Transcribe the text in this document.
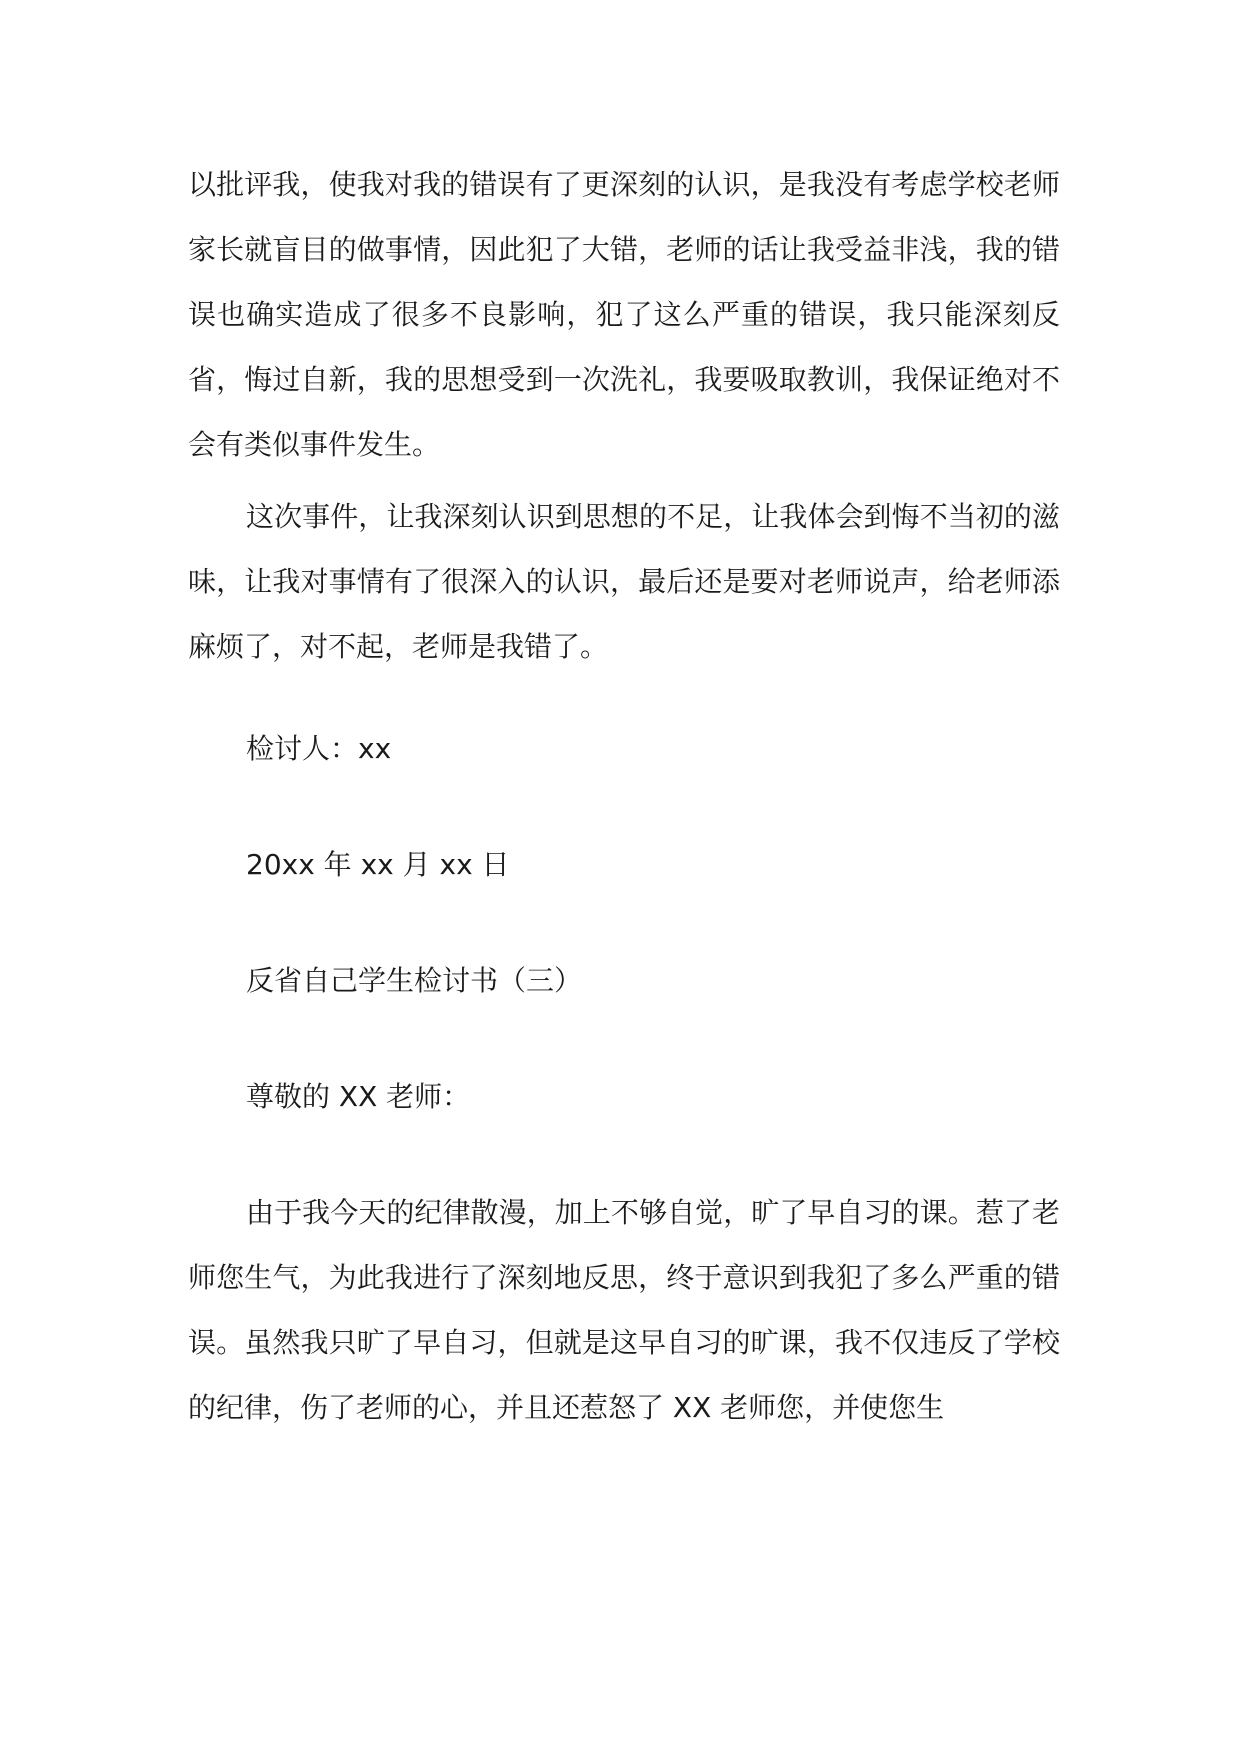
以批评我，使我对我的错误有了更深刻的认识，是我没有考虑学校老师家长就盲目的做事情，因此犯了大错，老师的话让我受益非浅，我的错误也确实造成了很多不良影响，犯了这么严重的错误，我只能深刻反省，悔过自新，我的思想受到一次洗礼，我要吸取教训，我保证绝对不会有类似事件发生。

这次事件，让我深刻认识到思想的不足，让我体会到悔不当初的滋味，让我对事情有了很深入的认识，最后还是要对老师说声，给老师添麻烦了，对不起，老师是我错了。

检讨人：xx

20xx 年 xx 月 xx 日

反省自己学生检讨书（三）

尊敬的 XX 老师：

由于我今天的纪律散漫，加上不够自觉，旷了早自习的课。惹了老师您生气，为此我进行了深刻地反思，终于意识到我犯了多么严重的错误。虽然我只旷了早自习，但就是这早自习的旷课，我不仅违反了学校的纪律，伤了老师的心，并且还惹怒了 XX 老师您，并使您生
